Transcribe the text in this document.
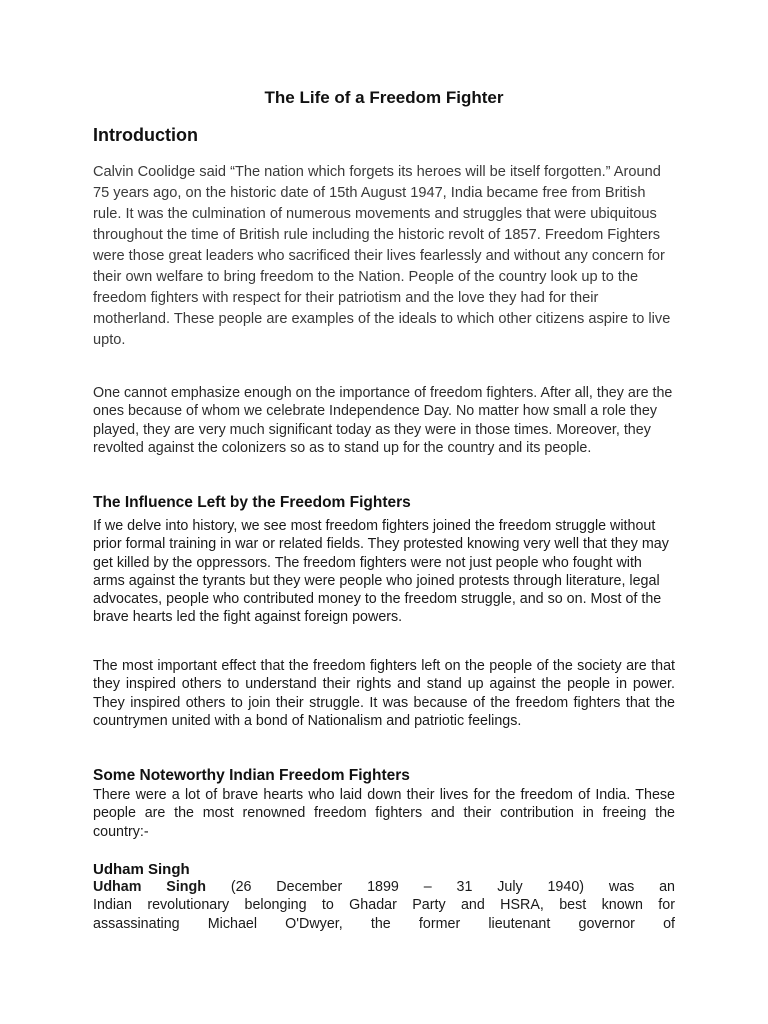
The Life of a Freedom Fighter
Introduction

Calvin Coolidge said “The nation which forgets its heroes will be itself forgotten.” Around 75 years ago, on the historic date of 15th August 1947, India became free from British rule. It was the culmination of numerous movements and struggles that were ubiquitous throughout the time of British rule including the historic revolt of 1857. Freedom Fighters were those great leaders who sacrificed their lives fearlessly and without any concern for their own welfare to bring freedom to the Nation. People of the country look up to the freedom fighters with respect for their patriotism and the love they had for their motherland. These people are examples of the ideals to which other citizens aspire to live upto.

One cannot emphasize enough on the importance of freedom fighters. After all, they are the ones because of whom we celebrate Independence Day. No matter how small a role they played, they are very much significant today as they were in those times. Moreover, they revolted against the colonizers so as to stand up for the country and its people.

The Influence Left by the Freedom Fighters

If we delve into history, we see most freedom fighters joined the freedom struggle without prior formal training in war or related fields. They protested knowing very well that they may get killed by the oppressors. The freedom fighters were not just people who fought with arms against the tyrants but they were people who joined protests through literature, legal advocates, people who contributed money to the freedom struggle, and so on. Most of the brave hearts led the fight against foreign powers.

The most important effect that the freedom fighters left on the people of the society are that they inspired others to understand their rights and stand up against the people in power. They inspired others to join their struggle. It was because of the freedom fighters that the countrymen united with a bond of Nationalism and patriotic feelings.

Some Noteworthy Indian Freedom Fighters

There were a lot of brave hearts who laid down their lives for the freedom of India. These people are the most renowned freedom fighters and their contribution in freeing the country:-

Udham Singh
Udham Singh (26 December 1899 – 31 July 1940) was an
Indian revolutionary belonging to Ghadar Party and HSRA, best known for
assassinating Michael O'Dwyer, the former lieutenant governor of
